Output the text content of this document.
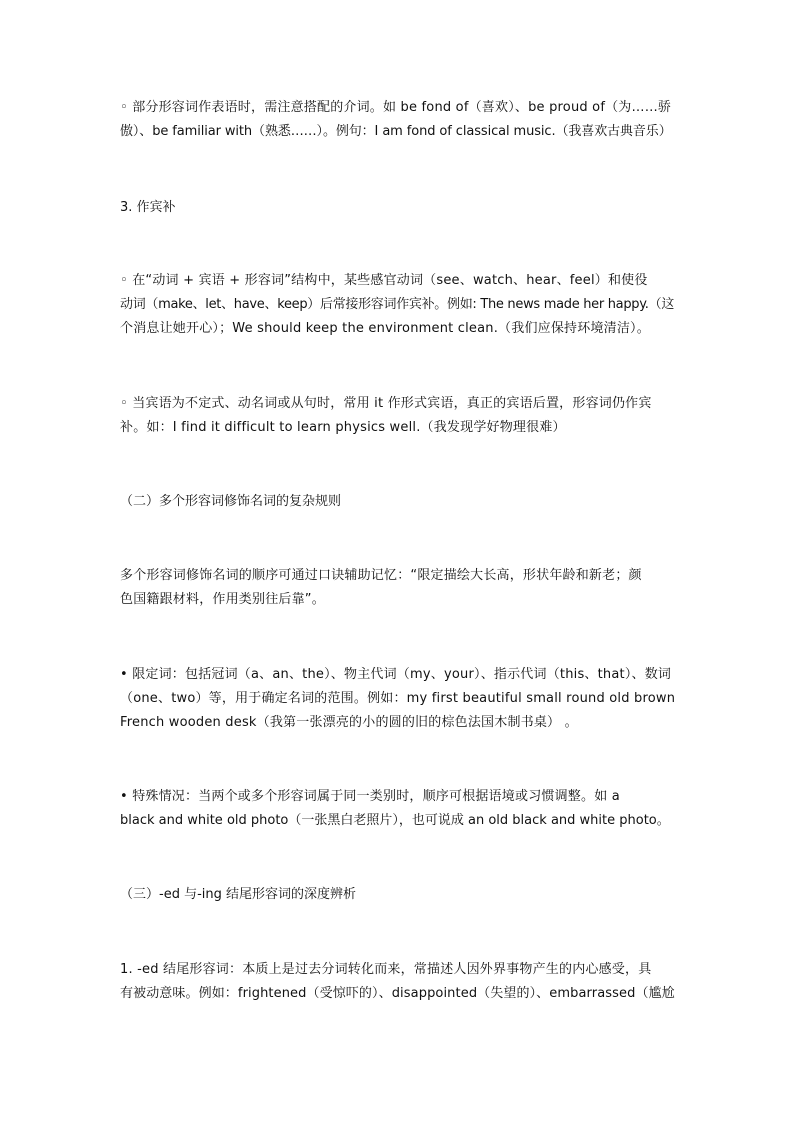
◦ 部分形容词作表语时，需注意搭配的介词。如 be fond of（喜欢）、be proud of（为……骄
傲）、be familiar with（熟悉……）。例句：I am fond of classical music.（我喜欢古典音乐）

3. 作宾补

◦ 在“动词 + 宾语 + 形容词”结构中，某些感官动词（see、watch、hear、feel）和使役
动词（make、let、have、keep）后常接形容词作宾补。例如: The news made her happy.（这
个消息让她开心）；We should keep the environment clean.（我们应保持环境清洁）。

◦ 当宾语为不定式、动名词或从句时，常用 it 作形式宾语，真正的宾语后置，形容词仍作宾
补。如：I find it difficult to learn physics well.（我发现学好物理很难）

（二）多个形容词修饰名词的复杂规则

多个形容词修饰名词的顺序可通过口诀辅助记忆：“限定描绘大长高，形状年龄和新老；颜
色国籍跟材料，作用类别往后靠”。

• 限定词：包括冠词（a、an、the）、物主代词（my、your）、指示代词（this、that）、数词
（one、two）等，用于确定名词的范围。例如：my first beautiful small round old brown
French wooden desk（我第一张漂亮的小的圆的旧的棕色法国木制书桌） 。

• 特殊情况：当两个或多个形容词属于同一类别时，顺序可根据语境或习惯调整。如 a
black and white old photo（一张黑白老照片），也可说成 an old black and white photo。

（三）-ed 与-ing 结尾形容词的深度辨析

1. -ed 结尾形容词：本质上是过去分词转化而来，常描述人因外界事物产生的内心感受，具
有被动意味。例如：frightened（受惊吓的）、disappointed（失望的）、embarrassed（尴尬
